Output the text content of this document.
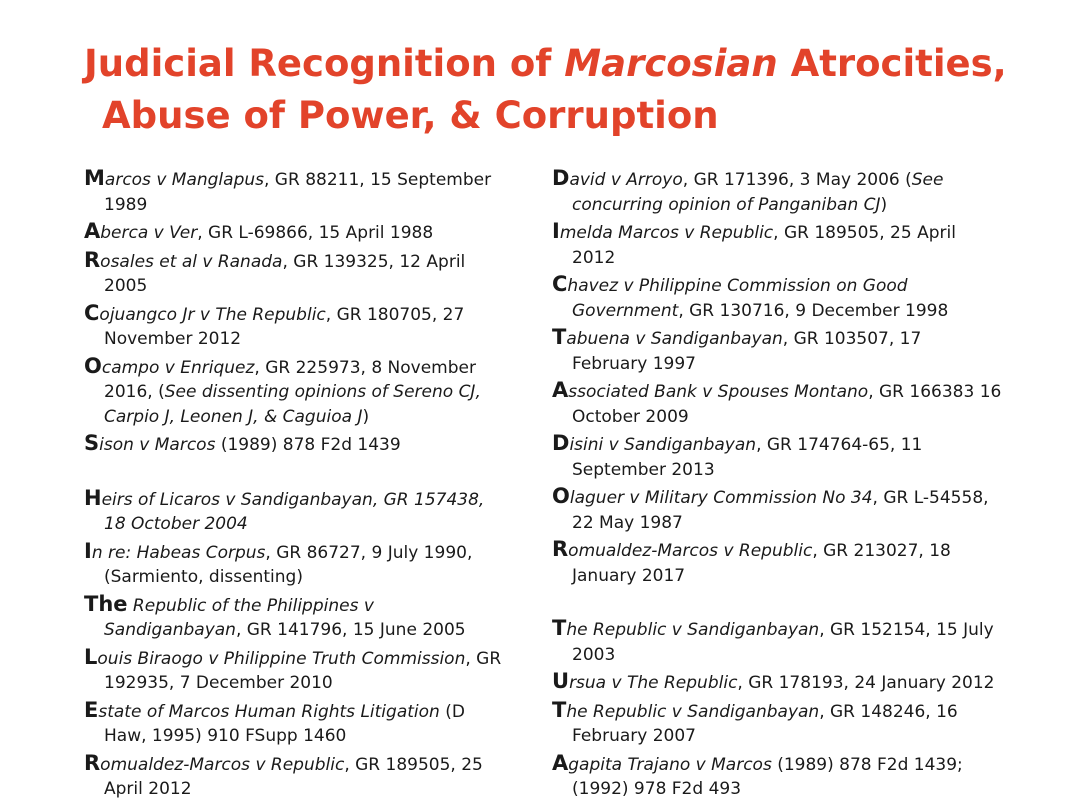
Judicial Recognition of Marcosian Atrocities,
Abuse of Power, & Corruption
Marcos v Manglapus, GR 88211, 15 September 1989
Aberca v Ver, GR L-69866, 15 April 1988
Rosales et al v Ranada, GR 139325, 12 April 2005
Cojuangco Jr v The Republic, GR 180705, 27 November 2012
Ocampo v Enriquez, GR 225973, 8 November 2016, (See dissenting opinions of Sereno CJ, Carpio J, Leonen J, & Caguioa J)
Sison v Marcos (1989) 878 F2d 1439
Heirs of Licaros v Sandiganbayan, GR 157438, 18 October 2004
In re: Habeas Corpus, GR 86727, 9 July 1990, (Sarmiento, dissenting)
The Republic of the Philippines v Sandiganbayan, GR 141796, 15 June 2005
Louis Biraogo v Philippine Truth Commission, GR 192935, 7 December 2010
Estate of Marcos Human Rights Litigation (D Haw, 1995) 910 FSupp 1460
Romualdez-Marcos v Republic, GR 189505, 25 April 2012
David v Arroyo, GR 171396, 3 May 2006 (See concurring opinion of Panganiban CJ)
Imelda Marcos v Republic, GR 189505, 25 April 2012
Chavez v Philippine Commission on Good Government, GR 130716, 9 December 1998
Tabuena v Sandiganbayan, GR 103507, 17 February 1997
Associated Bank v Spouses Montano, GR 166383 16 October 2009
Disini v Sandiganbayan, GR 174764-65, 11 September 2013
Olaguer v Military Commission No 34, GR L-54558, 22 May 1987
Romualdez-Marcos v Republic, GR 213027, 18 January 2017
The Republic v Sandiganbayan, GR 152154, 15 July 2003
Ursua v The Republic, GR 178193, 24 January 2012
The Republic v Sandiganbayan, GR 148246, 16 February 2007
Agapita Trajano v Marcos (1989) 878 F2d 1439; (1992) 978 F2d 493
